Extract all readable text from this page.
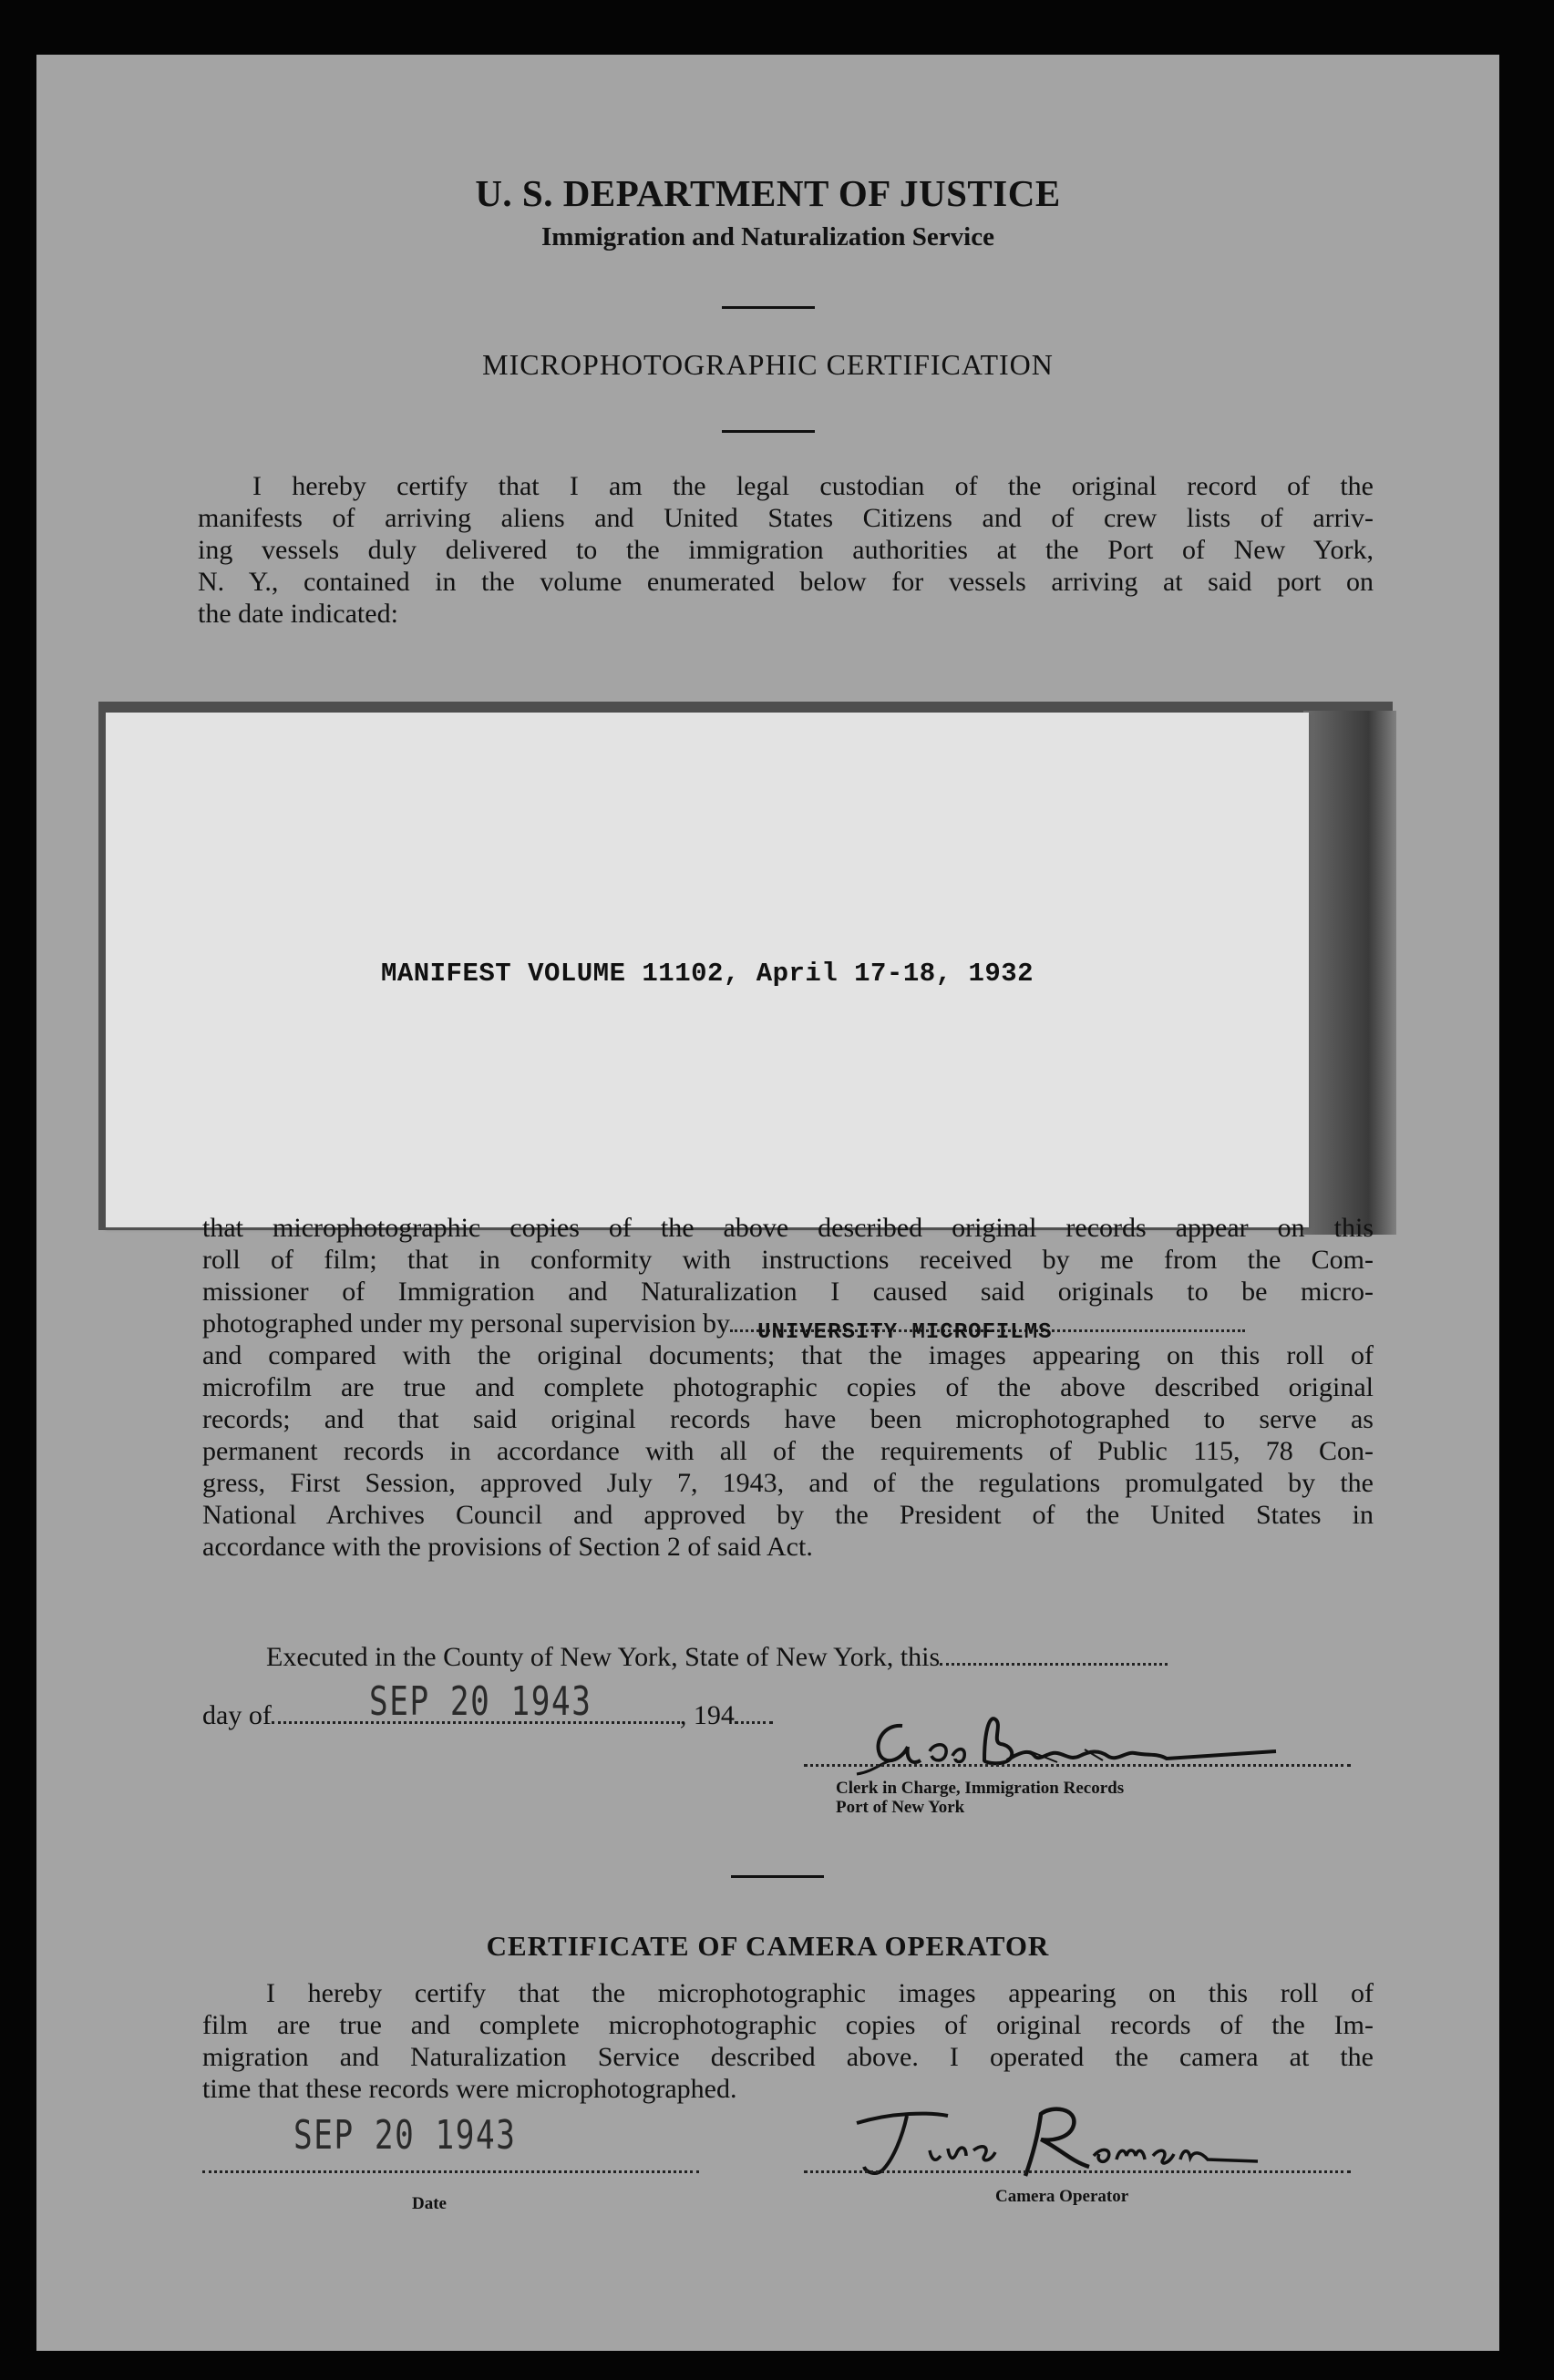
U. S. DEPARTMENT OF JUSTICE
Immigration and Naturalization Service
MICROPHOTOGRAPHIC CERTIFICATION
I hereby certify that I am the legal custodian of the original record of the
manifests of arriving aliens and United States Citizens and of crew lists of arriv-
ing vessels duly delivered to the immigration authorities at the Port of New York,
N. Y., contained in the volume enumerated below for vessels arriving at said port on
the date indicated:
MANIFEST VOLUME 11102, April 17-18, 1932
that microphotographic copies of the above described original records appear on this
roll of film; that in conformity with instructions received by me from the Com-
missioner of Immigration and Naturalization I caused said originals to be micro-
photographed under my personal supervision by UNIVERSITY MICROFILMS
and compared with the original documents; that the images appearing on this roll of
microfilm are true and complete photographic copies of the above described original
records; and that said original records have been microphotographed to serve as
permanent records in accordance with all of the requirements of Public 115, 78 Con-
gress, First Session, approved July 7, 1943, and of the regulations promulgated by the
National Archives Council and approved by the President of the United States in
accordance with the provisions of Section 2 of said Act.
Executed in the County of New York, State of New York, this
day of	, 194
SEP 20 1943
Clerk in Charge, Immigration Records
Port of New York
CERTIFICATE OF CAMERA OPERATOR
I hereby certify that the microphotographic images appearing on this roll of
film are true and complete microphotographic copies of original records of the Im-
migration and Naturalization Service described above. I operated the camera at the
time that these records were microphotographed.
SEP 20 1943
Date	Camera Operator
